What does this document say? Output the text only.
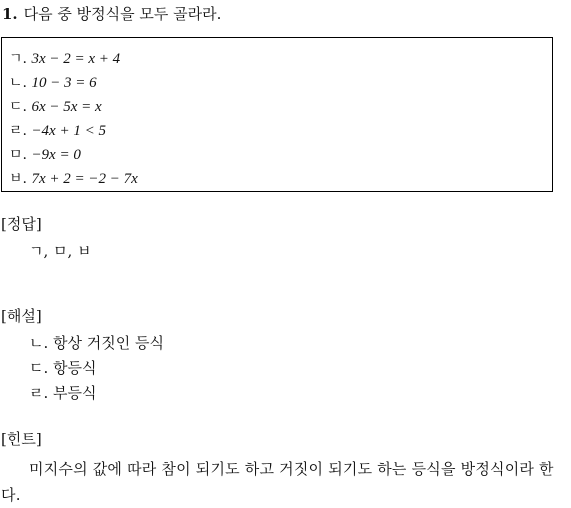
1. 다음 중 방정식을 모두 골라라.
ㄱ. 3x − 2 = x + 4
ㄴ. 10 − 3 = 6
ㄷ. 6x − 5x = x
ㄹ. −4x + 1 < 5
ㅁ. −9x = 0
ㅂ. 7x + 2 = −2 − 7x
[정답]
ㄱ, ㅁ, ㅂ
[해설]
ㄴ. 항상 거짓인 등식
ㄷ. 항등식
ㄹ. 부등식
[힌트]
미지수의 값에 따라 참이 되기도 하고 거짓이 되기도 하는 등식을 방정식이라 한다.
